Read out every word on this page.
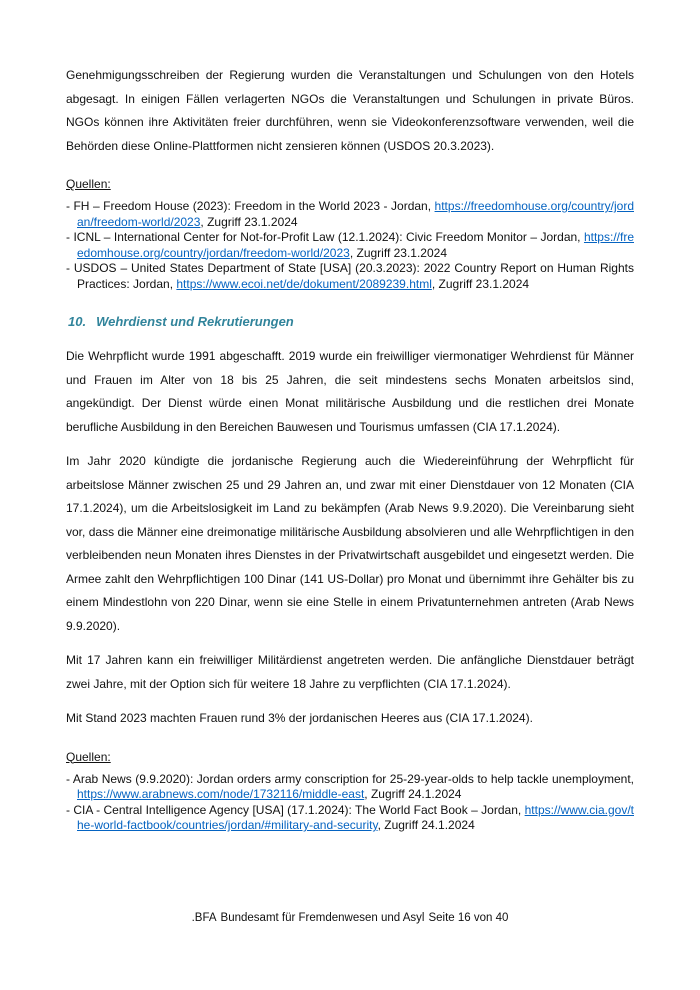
Genehmigungsschreiben der Regierung wurden die Veranstaltungen und Schulungen von den Hotels abgesagt. In einigen Fällen verlagerten NGOs die Veranstaltungen und Schulungen in private Büros. NGOs können ihre Aktivitäten freier durchführen, wenn sie Videokonferenzsoftware verwenden, weil die Behörden diese Online-Plattformen nicht zensieren können (USDOS 20.3.2023).

Quellen:
- FH – Freedom House (2023): Freedom in the World 2023 - Jordan, https://freedomhouse.org/country/jordan/freedom-world/2023, Zugriff 23.1.2024
- ICNL – International Center for Not-for-Profit Law (12.1.2024): Civic Freedom Monitor – Jordan, https://freedomhouse.org/country/jordan/freedom-world/2023, Zugriff 23.1.2024
- USDOS – United States Department of State [USA] (20.3.2023): 2022 Country Report on Human Rights Practices: Jordan, https://www.ecoi.net/de/dokument/2089239.html, Zugriff 23.1.2024
10. Wehrdienst und Rekrutierungen

Die Wehrpflicht wurde 1991 abgeschafft. 2019 wurde ein freiwilliger viermonatiger Wehrdienst für Männer und Frauen im Alter von 18 bis 25 Jahren, die seit mindestens sechs Monaten arbeitslos sind, angekündigt. Der Dienst würde einen Monat militärische Ausbildung und die restlichen drei Monate berufliche Ausbildung in den Bereichen Bauwesen und Tourismus umfassen (CIA 17.1.2024).

Im Jahr 2020 kündigte die jordanische Regierung auch die Wiedereinführung der Wehrpflicht für arbeitslose Männer zwischen 25 und 29 Jahren an, und zwar mit einer Dienstdauer von 12 Monaten (CIA 17.1.2024), um die Arbeitslosigkeit im Land zu bekämpfen (Arab News 9.9.2020). Die Vereinbarung sieht vor, dass die Männer eine dreimonatige militärische Ausbildung absolvieren und alle Wehrpflichtigen in den verbleibenden neun Monaten ihres Dienstes in der Privatwirtschaft ausgebildet und eingesetzt werden. Die Armee zahlt den Wehrpflichtigen 100 Dinar (141 US-Dollar) pro Monat und übernimmt ihre Gehälter bis zu einem Mindestlohn von 220 Dinar, wenn sie eine Stelle in einem Privatunternehmen antreten (Arab News 9.9.2020).

Mit 17 Jahren kann ein freiwilliger Militärdienst angetreten werden. Die anfängliche Dienstdauer beträgt zwei Jahre, mit der Option sich für weitere 18 Jahre zu verpflichten (CIA 17.1.2024).

Mit Stand 2023 machten Frauen rund 3% der jordanischen Heeres aus (CIA 17.1.2024).

Quellen:
- Arab News (9.9.2020): Jordan orders army conscription for 25-29-year-olds to help tackle unemployment, https://www.arabnews.com/node/1732116/middle-east, Zugriff 24.1.2024
- CIA - Central Intelligence Agency [USA] (17.1.2024): The World Fact Book – Jordan, https://www.cia.gov/the-world-factbook/countries/jordan/#military-and-security, Zugriff 24.1.2024
.BFA Bundesamt für Fremdenwesen und Asyl Seite 16 von 40
